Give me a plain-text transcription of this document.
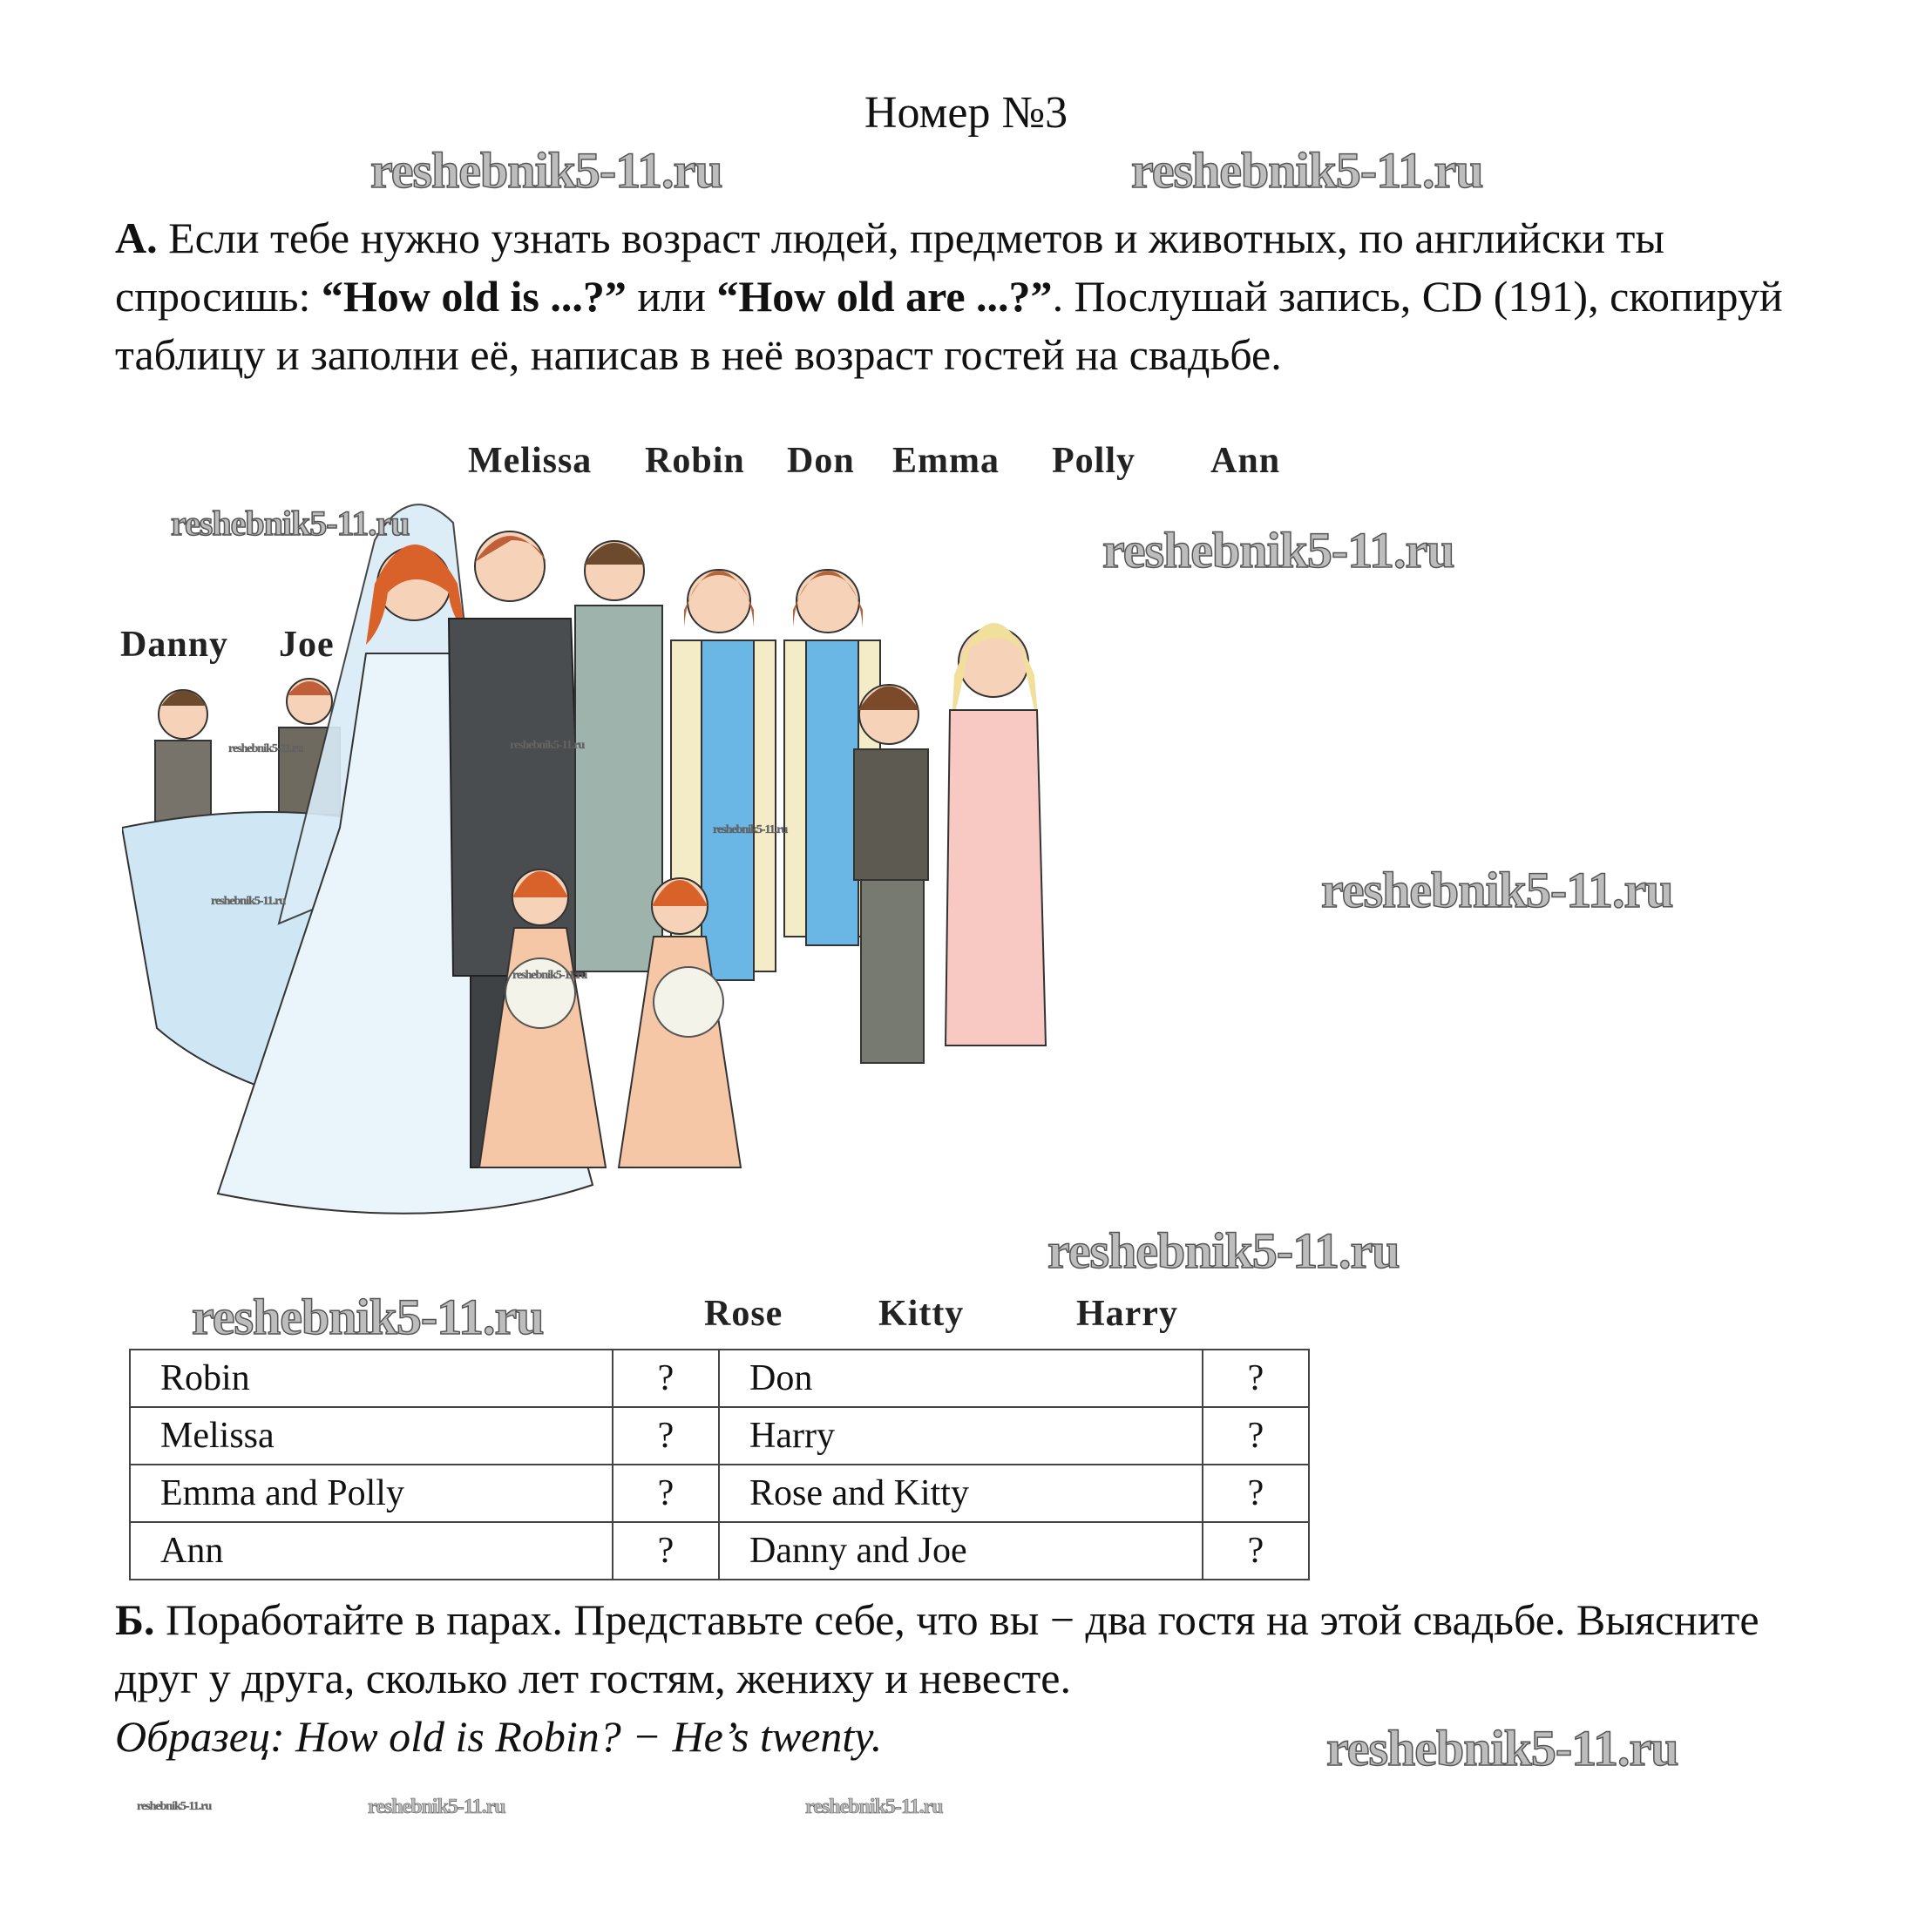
Номер №3
А. Если тебе нужно узнать возраст людей, предметов и животных, по английски ты спросишь: “How old is ...?” или “How old are ...?”. Послушай запись, CD (191), скопируй таблицу и заполни её, написав в неё возраст гостей на свадьбе.
Melissa Robin Don Emma Polly Ann
Danny Joe
Rose	Kitty	Harry
Robin	?	Don	?
Melissa	?	Harry	?
Emma and Polly	?	Rose and Kitty	?
Ann	?	Danny and Joe	?
Б. Поработайте в парах. Представьте себе, что вы − два гостя на этой свадьбе. Выясните друг у друга, сколько лет гостям, жениху и невесте.
Образец: How old is Robin? − He’s twenty.
reshebnik5-11.ru	reshebnik5-11.ru
reshebnik5-11.ru	reshebnik5-11.ru
reshebnik5-11.ru
reshebnik5-11.ru
reshebnik5-11.ru
reshebnik5-11.ru	reshebnik5-11.ru
reshebnik5-11.ru
reshebnik5-11.ru
reshebnik5-11.ru	reshebnik5-11.ru
reshebnik5-11.ru
reshebnik5-11.ru
reshebnik5-11.ru
